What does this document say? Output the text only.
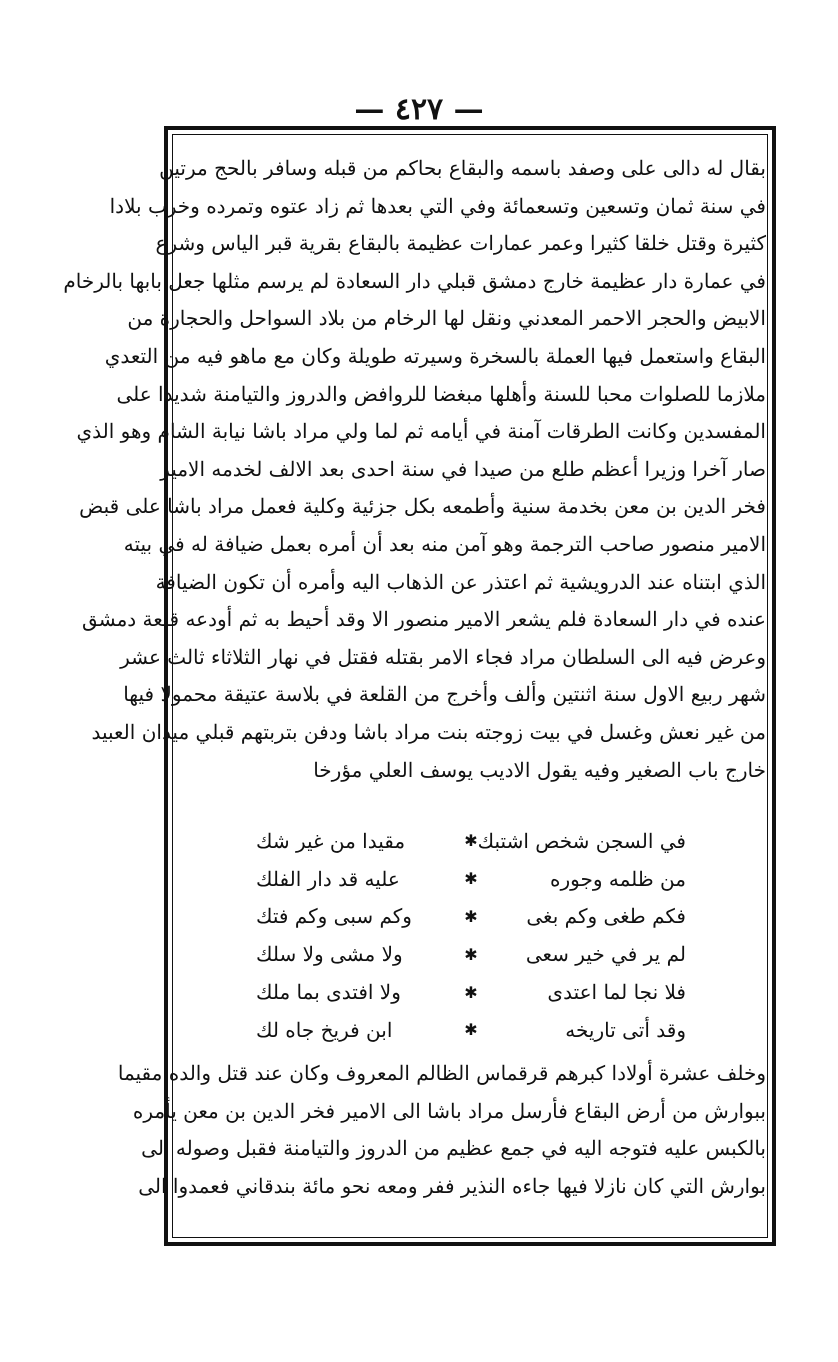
— ٤٢٧ —
بقال له دالى على وصفد باسمه والبقاع بحاكم من قبله وسافر بالحج مرتين
في سنة ثمان وتسعين وتسعمائة وفي التي بعدها ثم زاد عتوه وتمرده وخرب بلادا
كثيرة وقتل خلقا كثيرا وعمر عمارات عظيمة بالبقاع بقرية قبر الياس وشرع
في عمارة دار عظيمة خارج دمشق قبلي دار السعادة لم يرسم مثلها جعل بابها بالرخام
الابيض والحجر الاحمر المعدني ونقل لها الرخام من بلاد السواحل والحجارة من
البقاع واستعمل فيها العملة بالسخرة وسيرته طويلة وكان مع ماهو فيه من التعدي
ملازما للصلوات محبا للسنة وأهلها مبغضا للروافض والدروز والتيامنة شديدا على
المفسدين وكانت الطرقات آمنة في أيامه ثم لما ولي مراد باشا نيابة الشام وهو الذي
صار آخرا وزيرا أعظم طلع من صيدا في سنة احدى بعد الالف لخدمه الامير
فخر الدين بن معن بخدمة سنية وأطمعه بكل جزئية وكلية فعمل مراد باشا على قبض
الامير منصور صاحب الترجمة وهو آمن منه بعد أن أمره بعمل ضيافة له في بيته
الذي ابتناه عند الدرويشية ثم اعتذر عن الذهاب اليه وأمره أن تكون الضيافة
عنده في دار السعادة فلم يشعر الامير منصور الا وقد أحيط به ثم أودعه قلعة دمشق
وعرض فيه الى السلطان مراد فجاء الامر بقتله فقتل في نهار الثلاثاء ثالث عشر
شهر ربيع الاول سنة اثنتين وألف وأخرج من القلعة في بلاسة عتيقة محمولا فيها
من غير نعش وغسل في بيت زوجته بنت مراد باشا ودفن بتربتهم قبلي ميدان العبيد
خارج باب الصغير وفيه يقول الاديب يوسف العلي مؤرخا
في السجن شخص اشتبك
✱
مقيدا من غير شك
من ظلمه وجوره
✱
عليه قد دار الفلك
فكم طغى وكم بغى
✱
وكم سبى وكم فتك
لم ير في خير سعى
✱
ولا مشى ولا سلك
فلا نجا لما اعتدى
✱
ولا افتدى بما ملك
وقد أتى تاريخه
✱
ابن فريخ جاه لك
وخلف عشرة أولادا كبرهم قرقماس الظالم المعروف وكان عند قتل والده مقيما
ببوارش من أرض البقاع فأرسل مراد باشا الى الامير فخر الدين بن معن يأمره
بالكبس عليه فتوجه اليه في جمع عظيم من الدروز والتيامنة فقبل وصوله الى
بوارش التي كان نازلا فيها جاءه النذير ففر ومعه نحو مائة بندقاني فعمدوا الى
